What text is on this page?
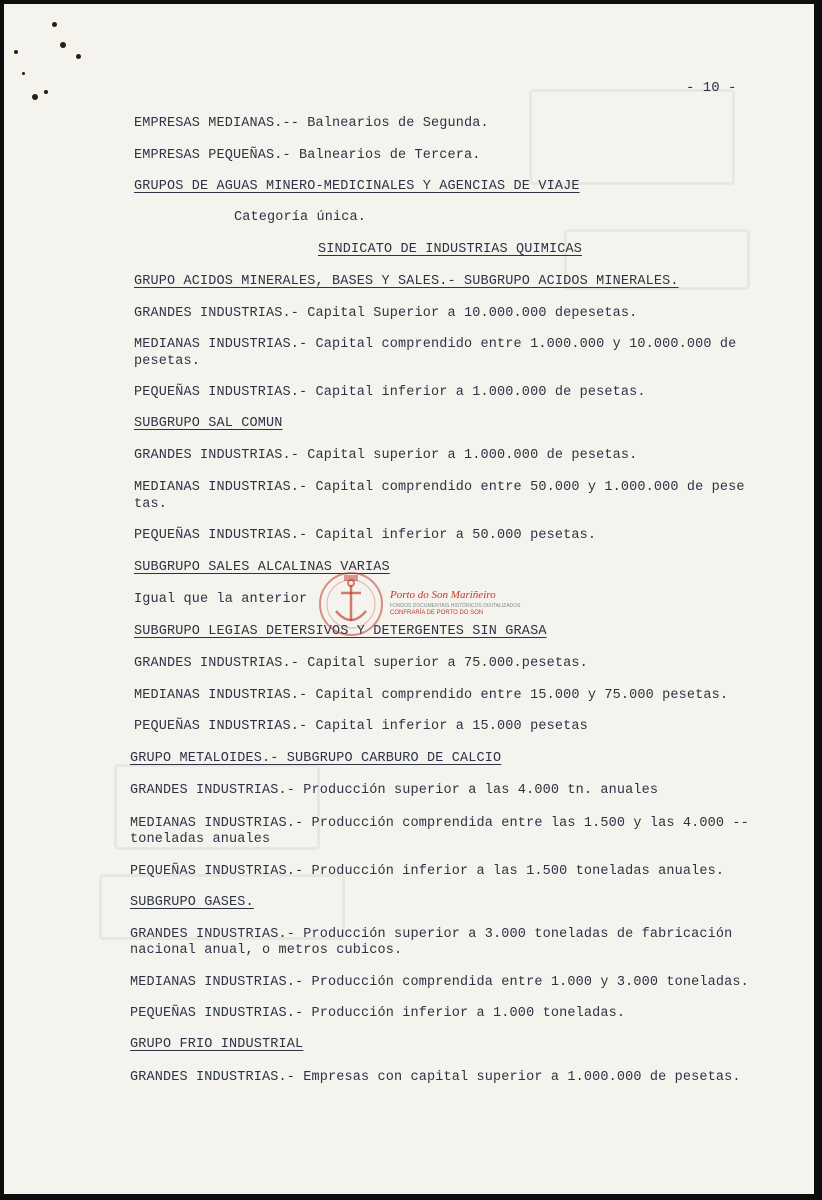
- 10 -
EMPRESAS MEDIANAS.-- Balnearios de Segunda.
EMPRESAS PEQUEÑAS.- Balnearios de Tercera.
GRUPOS DE AGUAS MINERO-MEDICINALES Y AGENCIAS DE VIAJE
Categoría única.
SINDICATO DE INDUSTRIAS QUIMICAS
GRUPO ACIDOS MINERALES, BASES Y SALES.- SUBGRUPO ACIDOS MINERALES.
GRANDES INDUSTRIAS.- Capital Superior a 10.000.000 depesetas.
MEDIANAS INDUSTRIAS.- Capital comprendido entre 1.000.000 y 10.000.000 de
pesetas.
PEQUEÑAS INDUSTRIAS.- Capital inferior a 1.000.000 de pesetas.
SUBGRUPO SAL COMUN
GRANDES INDUSTRIAS.- Capital superior a 1.000.000 de pesetas.
MEDIANAS INDUSTRIAS.- Capital comprendido entre 50.000 y 1.000.000 de pese
tas.
PEQUEÑAS INDUSTRIAS.- Capital inferior a 50.000 pesetas.
SUBGRUPO SALES ALCALINAS VARIAS
Igual que la anterior
SUBGRUPO LEGIAS DETERSIVOS Y DETERGENTES SIN GRASA
GRANDES INDUSTRIAS.- Capital superior a 75.000.pesetas.
MEDIANAS INDUSTRIAS.- Capital comprendido entre 15.000 y 75.000 pesetas.
PEQUEÑAS INDUSTRIAS.- Capital inferior a 15.000 pesetas
GRUPO METALOIDES.- SUBGRUPO CARBURO DE CALCIO
GRANDES INDUSTRIAS.- Producción superior a las 4.000 tn. anuales
MEDIANAS INDUSTRIAS.- Producción comprendida entre las 1.500 y las 4.000 --
toneladas anuales
PEQUEÑAS INDUSTRIAS.- Producción inferior a las 1.500 toneladas anuales.
SUBGRUPO GASES.
GRANDES INDUSTRIAS.- Producción superior a 3.000 toneladas de fabricación
nacional anual, o metros cubicos.
MEDIANAS INDUSTRIAS.- Producción comprendida entre 1.000 y 3.000 toneladas.
PEQUEÑAS INDUSTRIAS.- Producción inferior a 1.000 toneladas.
GRUPO FRIO INDUSTRIAL
GRANDES INDUSTRIAS.- Empresas con capital superior a 1.000.000 de pesetas.
Porto do Son Mariñeiro
FONDOS DOCUMENTAIS HISTÓRICOS DIXITALIZADOS
CONFRARÍA DE PORTO DO SON
